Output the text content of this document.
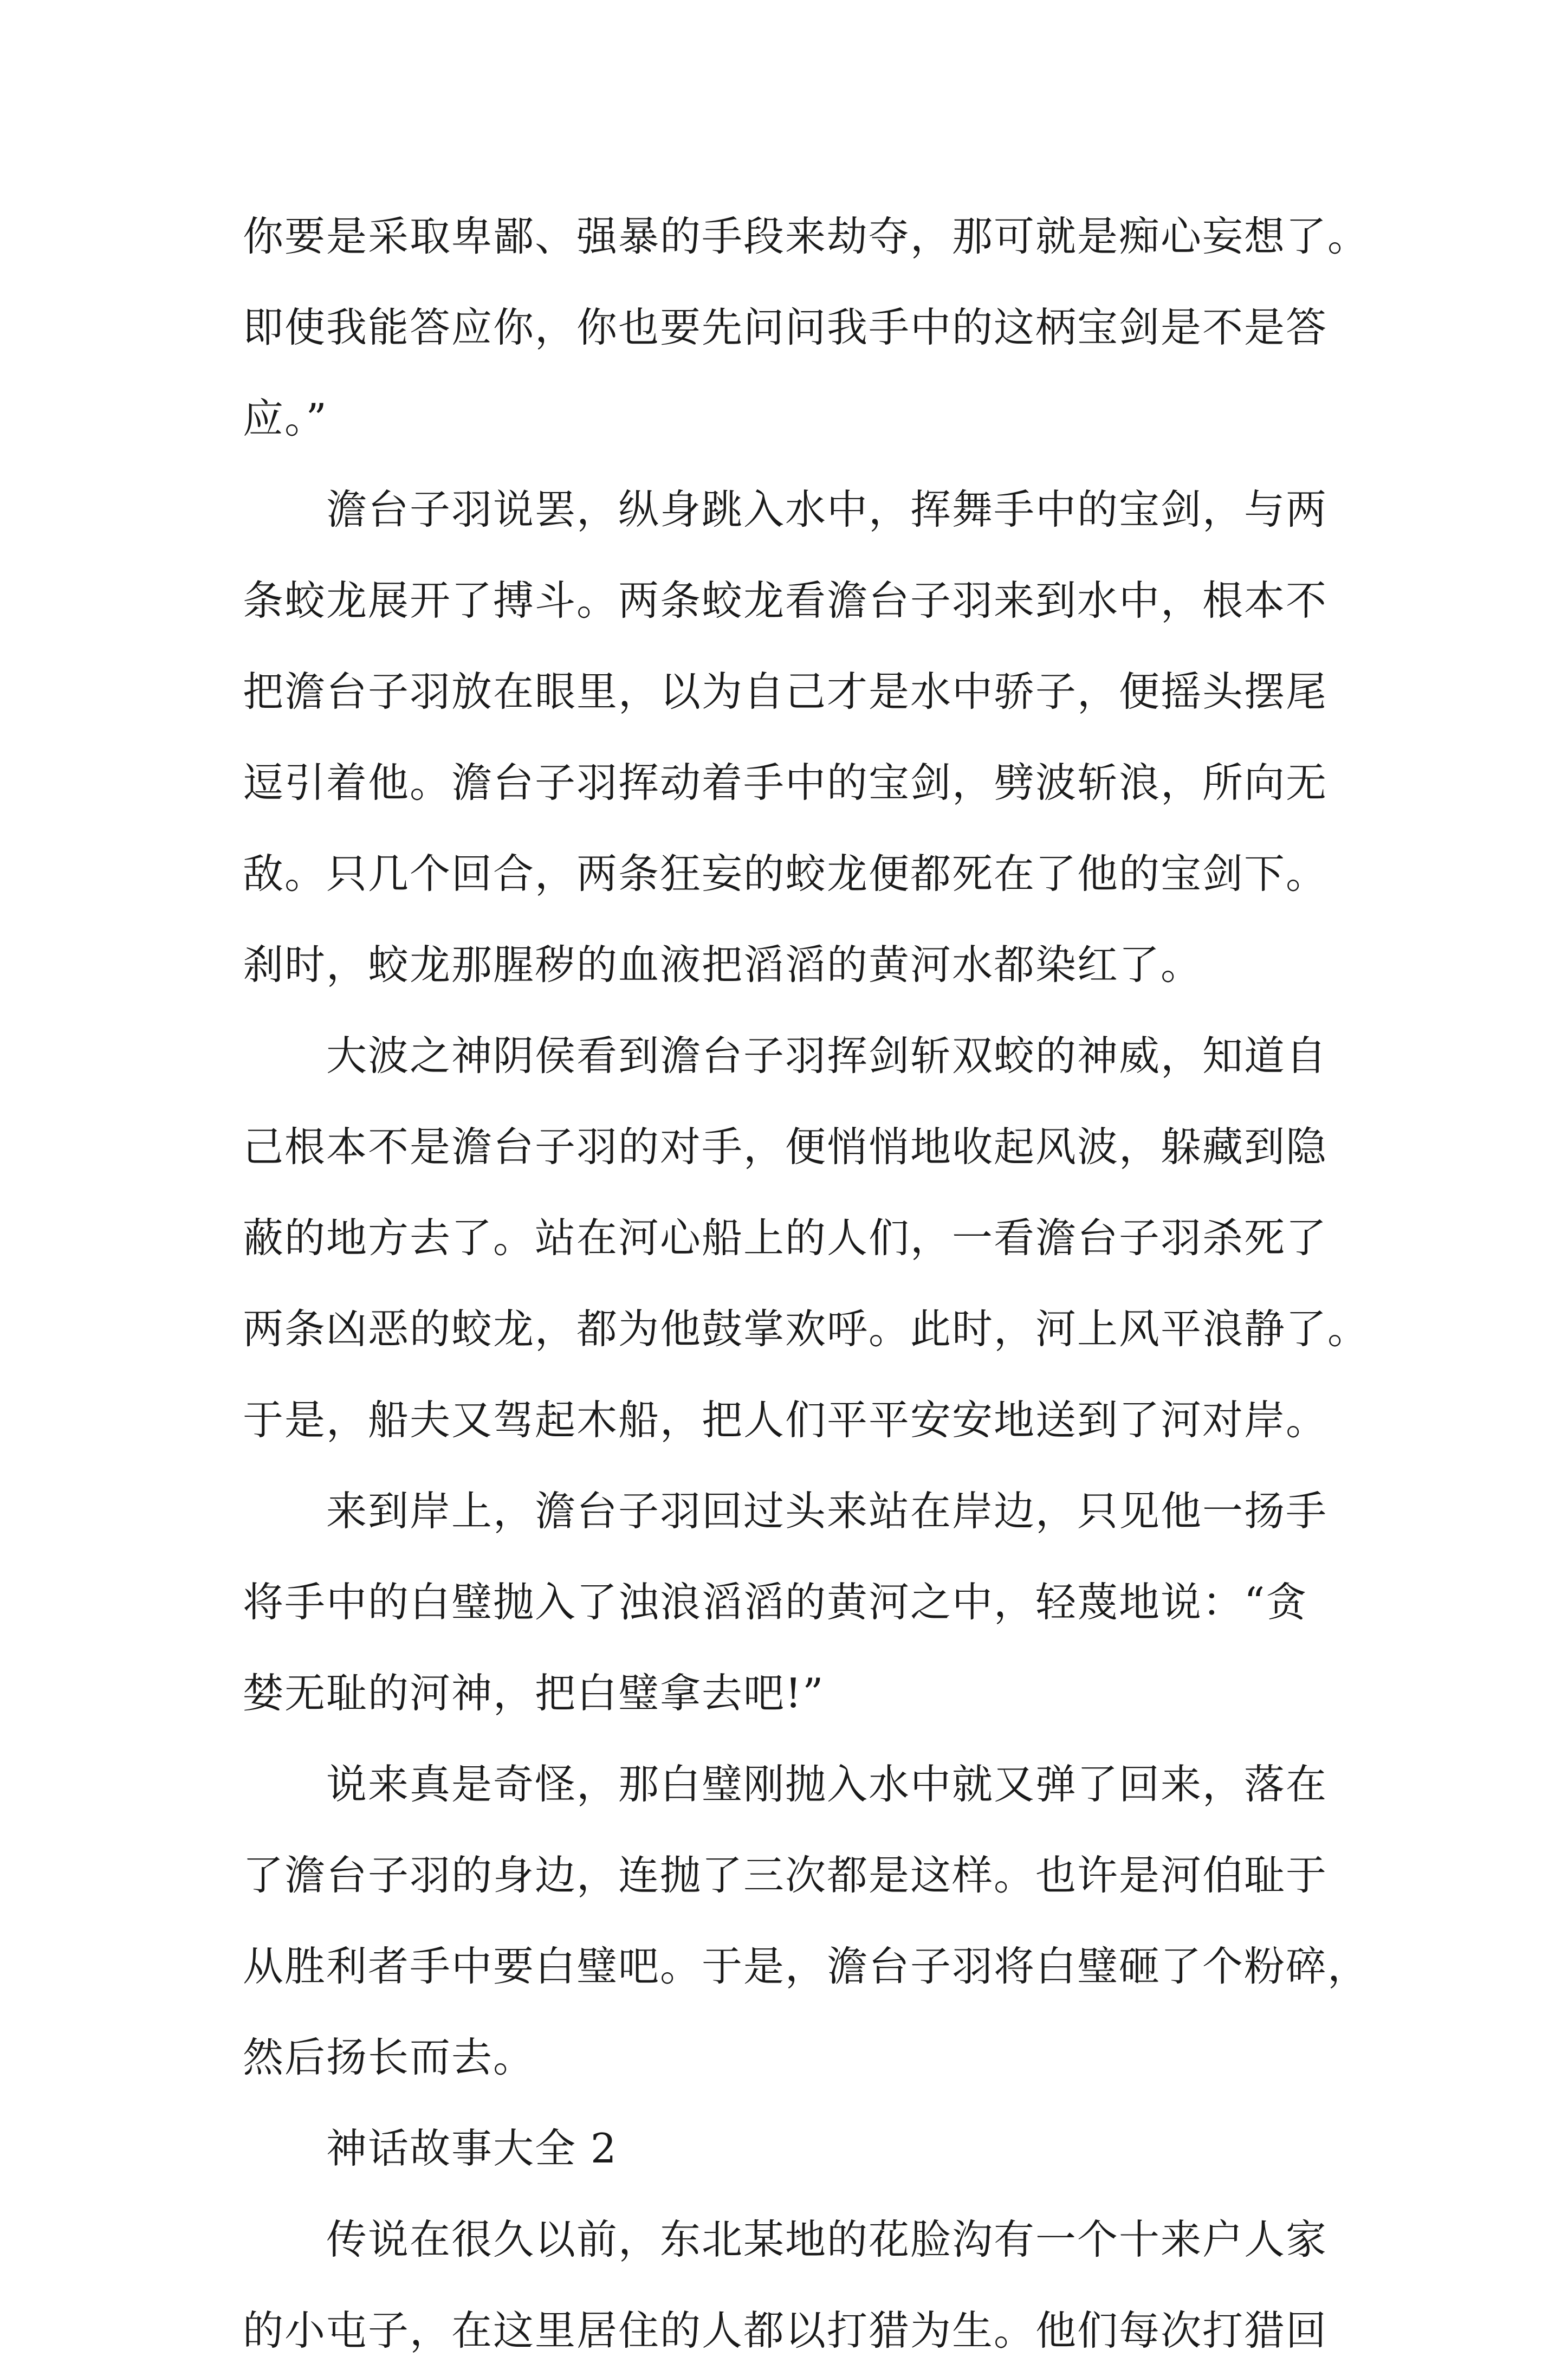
你要是采取卑鄙、强暴的手段来劫夺，那可就是痴心妄想了。
即使我能答应你，你也要先问问我手中的这柄宝剑是不是答
应。”
　　澹台子羽说罢，纵身跳入水中，挥舞手中的宝剑，与两
条蛟龙展开了搏斗。两条蛟龙看澹台子羽来到水中，根本不
把澹台子羽放在眼里，以为自己才是水中骄子，便摇头摆尾
逗引着他。澹台子羽挥动着手中的宝剑，劈波斩浪，所向无
敌。只几个回合，两条狂妄的蛟龙便都死在了他的宝剑下。
刹时，蛟龙那腥秽的血液把滔滔的黄河水都染红了。
　　大波之神阴侯看到澹台子羽挥剑斩双蛟的神威，知道自
己根本不是澹台子羽的对手，便悄悄地收起风波，躲藏到隐
蔽的地方去了。站在河心船上的人们，一看澹台子羽杀死了
两条凶恶的蛟龙，都为他鼓掌欢呼。此时，河上风平浪静了。
于是，船夫又驾起木船，把人们平平安安地送到了河对岸。
　　来到岸上，澹台子羽回过头来站在岸边，只见他一扬手
将手中的白璧抛入了浊浪滔滔的黄河之中，轻蔑地说：“贪
婪无耻的河神，把白璧拿去吧!”
　　说来真是奇怪，那白璧刚抛入水中就又弹了回来，落在
了澹台子羽的身边，连抛了三次都是这样。也许是河伯耻于
从胜利者手中要白璧吧。于是，澹台子羽将白璧砸了个粉碎，
然后扬长而去。
　　神话故事大全 2
　　传说在很久以前，东北某地的花脸沟有一个十来户人家
的小屯子，在这里居住的人都以打猎为生。他们每次打猎回
